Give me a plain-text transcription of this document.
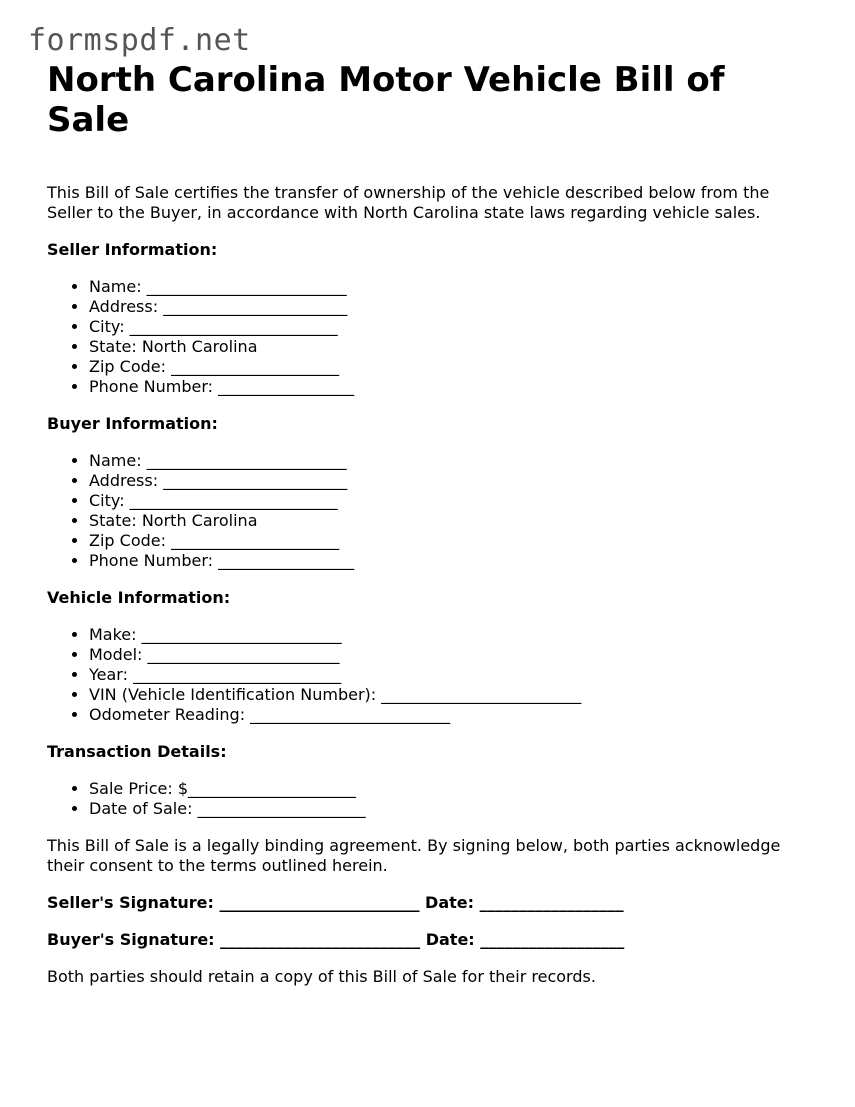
formspdf.net
North Carolina Motor Vehicle Bill of Sale

This Bill of Sale certifies the transfer of ownership of the vehicle described below from the Seller to the Buyer, in accordance with North Carolina state laws regarding vehicle sales.

Seller Information:
• Name: _________________________
• Address: _______________________
• City: __________________________
• State: North Carolina
• Zip Code: _____________________
• Phone Number: _________________
Buyer Information:
• Name: _________________________
• Address: _______________________
• City: __________________________
• State: North Carolina
• Zip Code: _____________________
• Phone Number: _________________
Vehicle Information:
• Make: _________________________
• Model: ________________________
• Year: __________________________
• VIN (Vehicle Identification Number): _________________________
• Odometer Reading: _________________________
Transaction Details:
• Sale Price: $_____________________
• Date of Sale: _____________________

This Bill of Sale is a legally binding agreement. By signing below, both parties acknowledge their consent to the terms outlined herein.

Seller's Signature: _________________________ Date: __________________

Buyer's Signature: _________________________ Date: __________________

Both parties should retain a copy of this Bill of Sale for their records.
